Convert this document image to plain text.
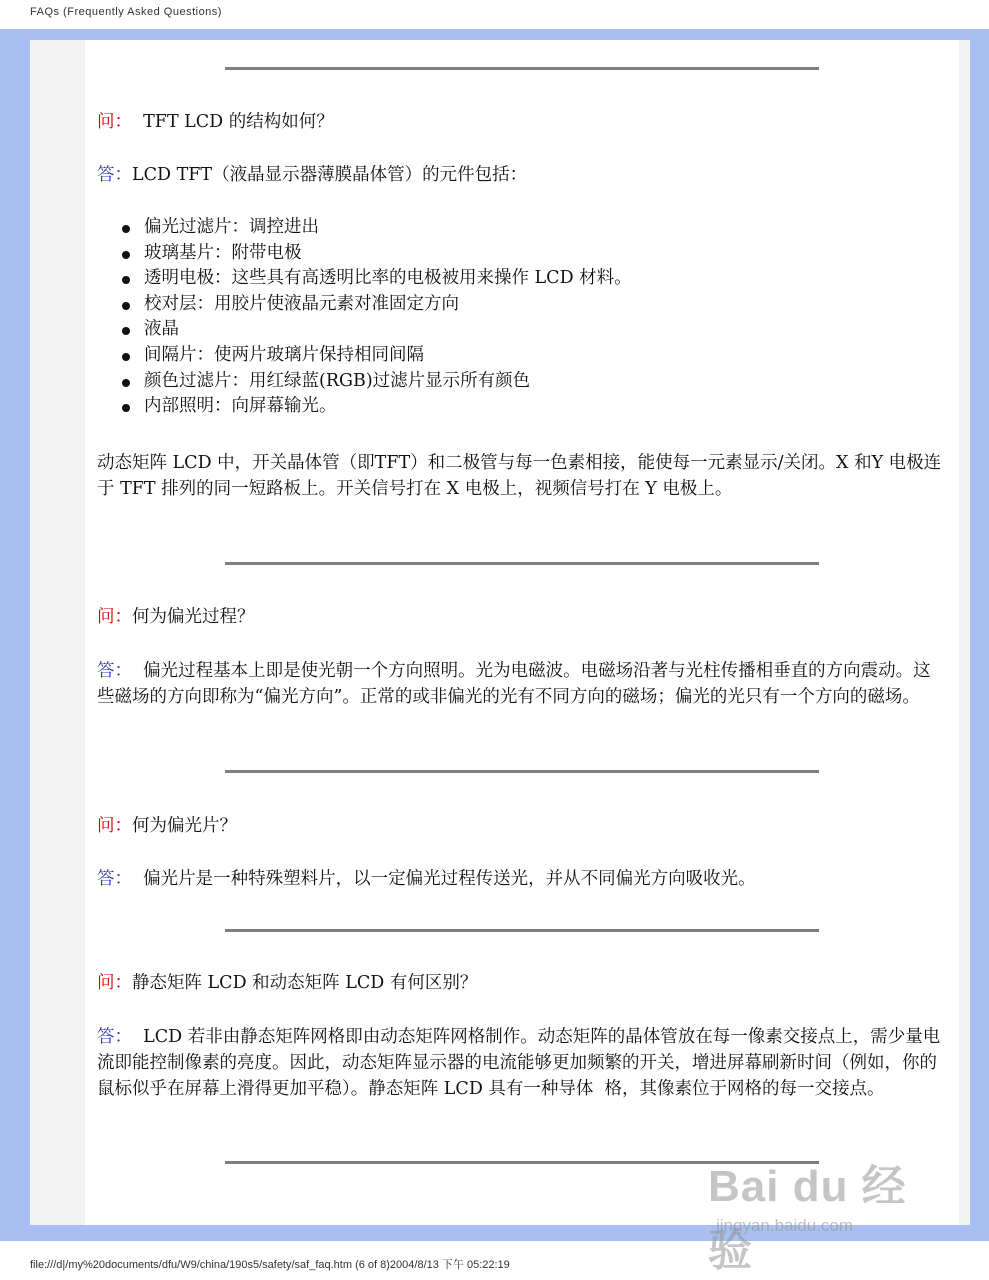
FAQs (Frequently Asked Questions)
问：  TFT LCD 的结构如何？
答：LCD TFT（液晶显示器薄膜晶体管）的元件包括：
偏光过滤片：调控进出
玻璃基片：附带电极
透明电极：这些具有高透明比率的电极被用来操作 LCD 材料。
校对层：用胶片使液晶元素对准固定方向
液晶
间隔片：使两片玻璃片保持相同间隔
颜色过滤片：用红绿蓝(RGB)过滤片显示所有颜色
内部照明：向屏幕输光。
动态矩阵 LCD 中，开关晶体管（即TFT）和二极管与每一色素相接，能使每一元素显示/关闭。X 和Y 电极连于 TFT 排列的同一短路板上。开关信号打在 X 电极上，视频信号打在 Y 电极上。
问：何为偏光过程？
答：  偏光过程基本上即是使光朝一个方向照明。光为电磁波。电磁场沿著与光柱传播相垂直的方向震动。这些磁场的方向即称为“偏光方向”。正常的或非偏光的光有不同方向的磁场；偏光的光只有一个方向的磁场。
问：何为偏光片？
答：  偏光片是一种特殊塑料片，以一定偏光过程传送光，并从不同偏光方向吸收光。
问：静态矩阵 LCD 和动态矩阵 LCD 有何区别？
答：  LCD 若非由静态矩阵网格即由动态矩阵网格制作。动态矩阵的晶体管放在每一像素交接点上，需少量电流即能控制像素的亮度。因此，动态矩阵显示器的电流能够更加频繁的开关，增进屏幕刷新时间（例如，你的鼠标似乎在屏幕上滑得更加平稳）。静态矩阵 LCD 具有一种导体  格，其像素位于网格的每一交接点。
Bai du 经验
jingyan.baidu.com
file:///d|/my%20documents/dfu/W9/china/190s5/safety/saf_faq.htm (6 of 8)2004/8/13 下午 05:22:19
